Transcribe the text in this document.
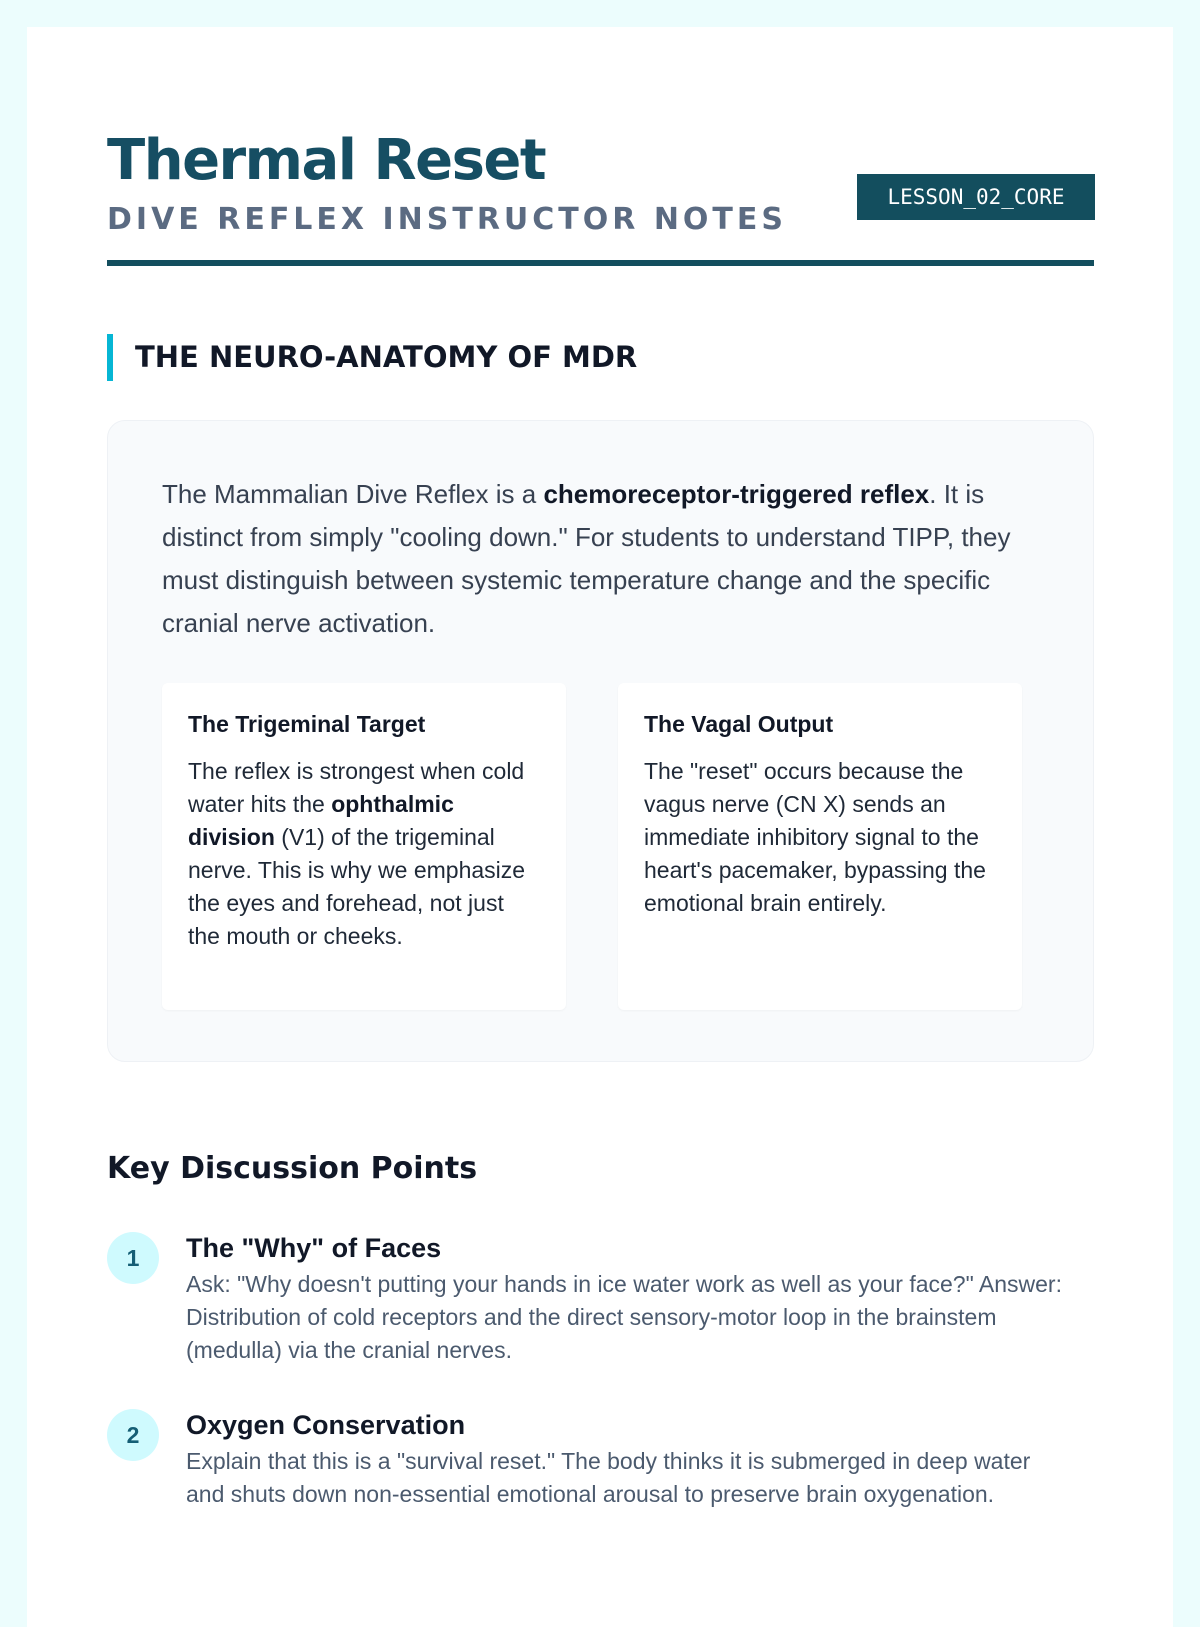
Thermal Reset
DIVE REFLEX INSTRUCTOR NOTES
LESSON_02_CORE
THE NEURO-ANATOMY OF MDR

The Mammalian Dive Reflex is a chemoreceptor-triggered reflex. It is distinct from simply "cooling down." For students to understand TIPP, they must distinguish between systemic temperature change and the specific cranial nerve activation.

The Trigeminal Target

The reflex is strongest when cold water hits the ophthalmic division (V1) of the trigeminal nerve. This is why we emphasize the eyes and forehead, not just the mouth or cheeks.

The Vagal Output

The "reset" occurs because the vagus nerve (CN X) sends an immediate inhibitory signal to the heart's pacemaker, bypassing the emotional brain entirely.

Key Discussion Points
1	The "Why" of Faces

Ask: "Why doesn't putting your hands in ice water work as well as your face?" Answer: Distribution of cold receptors and the direct sensory-motor loop in the brainstem (medulla) via the cranial nerves.

2	Oxygen Conservation

Explain that this is a "survival reset." The body thinks it is submerged in deep water and shuts down non-essential emotional arousal to preserve brain oxygenation.
